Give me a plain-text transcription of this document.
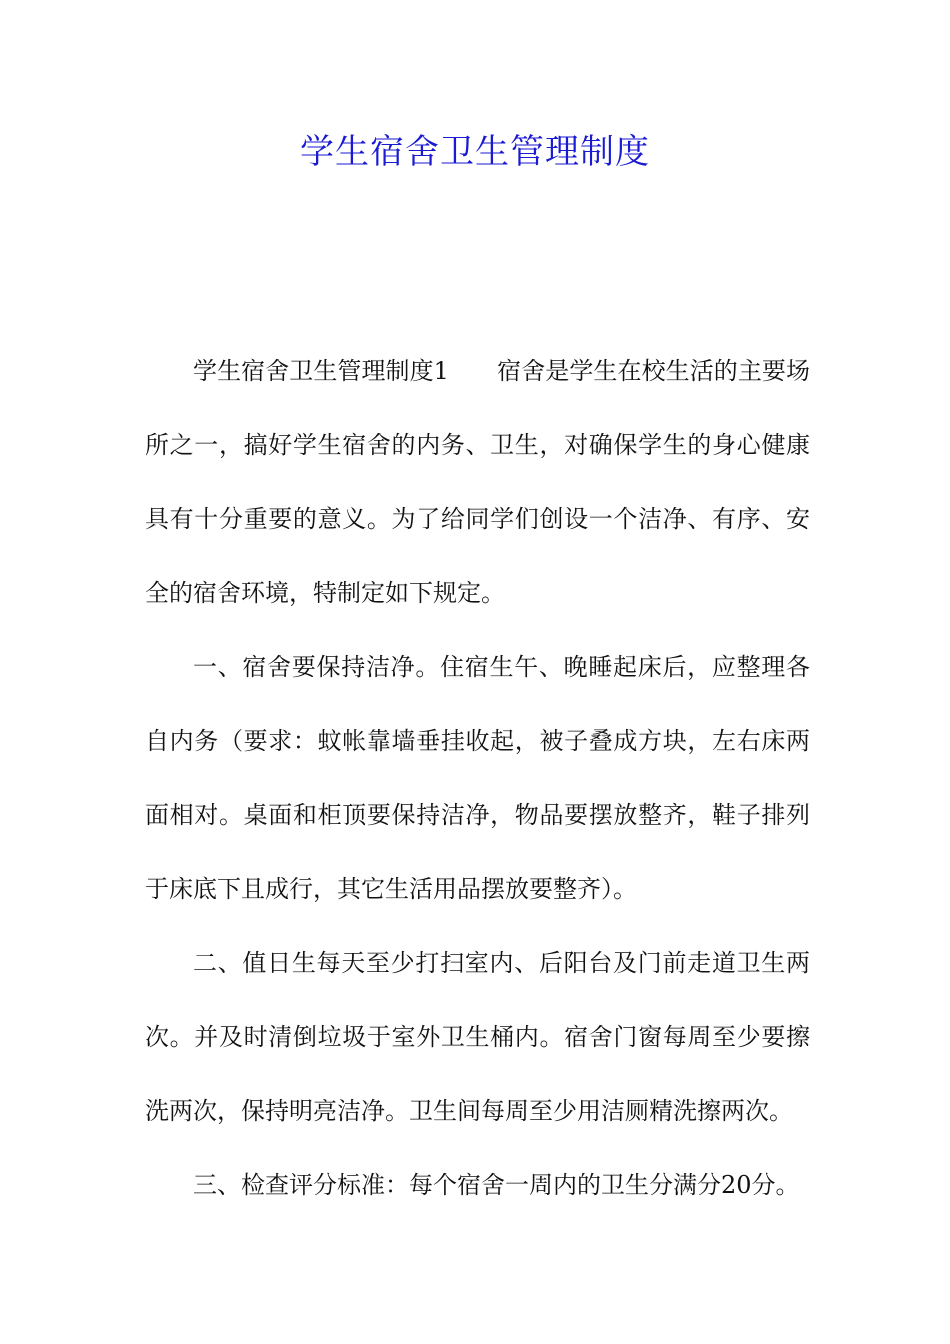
学生宿舍卫生管理制度

学生宿舍卫生管理制度1　　宿舍是学生在校生活的主要场所之一，搞好学生宿舍的内务、卫生，对确保学生的身心健康具有十分重要的意义。为了给同学们创设一个洁净、有序、安全的宿舍环境，特制定如下规定。

一、宿舍要保持洁净。住宿生午、晚睡起床后，应整理各自内务（要求：蚊帐靠墙垂挂收起，被子叠成方块，左右床两面相对。桌面和柜顶要保持洁净，物品要摆放整齐，鞋子排列于床底下且成行，其它生活用品摆放要整齐）。

二、值日生每天至少打扫室内、后阳台及门前走道卫生两次。并及时清倒垃圾于室外卫生桶内。宿舍门窗每周至少要擦洗两次，保持明亮洁净。卫生间每周至少用洁厕精洗擦两次。

三、检查评分标准：每个宿舍一周内的卫生分满分20分。
